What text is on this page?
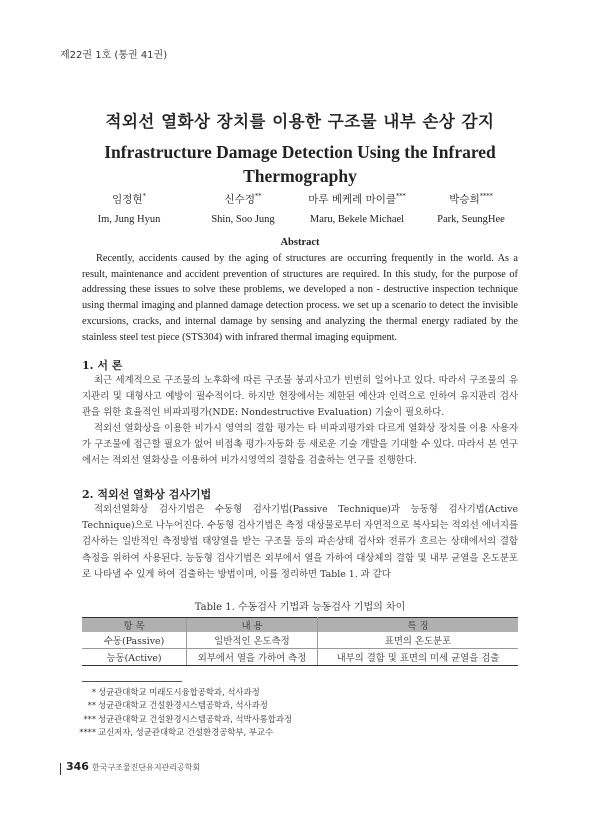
제22권 1호 (통권 41권)
적외선 열화상 장치를 이용한 구조물 내부 손상 감지
Infrastructure Damage Detection Using the Infrared Thermography
임정현*
Im, Jung Hyun
신수정**
Shin, Soo Jung
마루 베케레 마이클***
Maru, Bekele Michael
박승희****
Park, SeungHee
Abstract
Recently, accidents caused by the aging of structures are occurring frequently in the world. As a result, maintenance and accident prevention of structures are required. In this study, for the purpose of addressing these issues to solve these problems, we developed a non - destructive inspection technique using thermal imaging and planned damage detection process. we set up a scenario to detect the invisible excursions, cracks, and internal damage by sensing and analyzing the thermal energy radiated by the stainless steel test piece (STS304) with infrared thermal imaging equipment.
1. 서 론
최근 세계적으로 구조물의 노후화에 따른 구조물 붕괴사고가 빈번히 일어나고 있다. 따라서 구조물의 유지관리 및 대형사고 예방이 필수적이다. 하지만 현장에서는 제한된 예산과 인력으로 인하여 유지관리 검사관을 위한 효율적인 비파괴평가(NDE: Nondestructive Evaluation) 기술이 필요하다.
적외선 열화상을 이용한 비가시 영역의 결함 평가는 타 비파괴평가와 다르게 열화상 장치를 이용 사용자가 구조물에 접근할 필요가 없어 비접촉 평가·자동화 등 새로운 기술 개발을 기대할 수 있다. 따라서 본 연구에서는 적외선 열화상을 이용하여 비가시영역의 결함을 검출하는 연구를 진행한다.
2. 적외선 열화상 검사기법
적외선열화상 검사기법은 수동형 검사기법(Passive Technique)과 능동형 검사기법(Active Technique)으로 나누어진다. 수동형 검사기법은 측정 대상물로부터 자연적으로 복사되는 적외선 에너지를 검사하는 일반적인 측정방법 태양열을 받는 구조물 등의 파손상태 검사와 전류가 흐르는 상태에서의 결함 측정을 위하여 사용된다. 능동형 검사기법은 외부에서 열을 가하여 대상체의 결함 및 내부 균열을 온도분포로 나타낼 수 있게 하여 검출하는 방법이며, 이를 정리하면 Table 1. 과 같다
Table 1. 수동검사 기법과 능동검사 기법의 차이
항 목	내 용	특 징
수동(Passive)	일반적인 온도측정	표면의 온도분포
능동(Active)	외부에서 열을 가하여 측정	내부의 결함 및 표면의 미세 균열을 검출
* 성균관대학교 미래도시융합공학과, 석사과정
** 성균관대학교 건설환경시스템공학과, 석사과정
*** 성균관대학교 건설환경시스템공학과, 석박사통합과정
**** 교신저자, 성균관대학교 건설환경공학부, 부교수
346 한국구조물진단유지관리공학회
